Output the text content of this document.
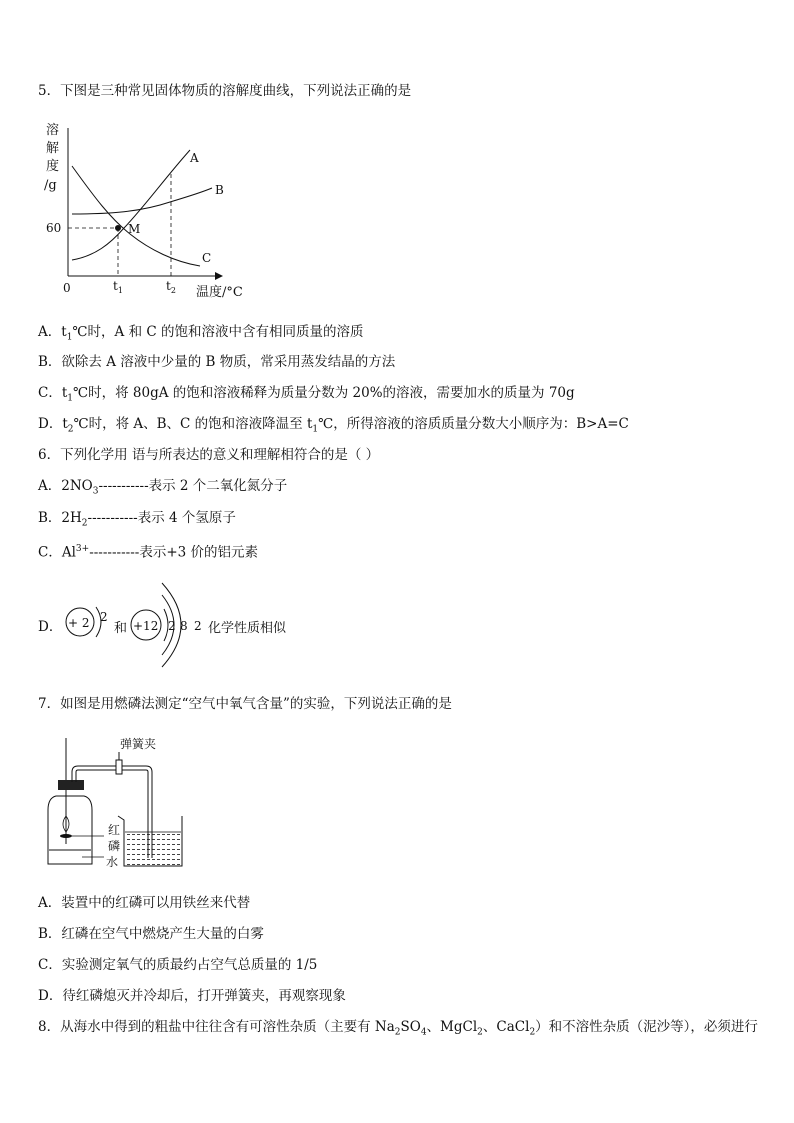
5．下图是三种常见固体物质的溶解度曲线，下列说法正确的是
溶
解
度
/g
60
0	$t_1$	$t_2$ 温度/°C
M
A
B
C
A．$t_1℃$时，A 和 C 的饱和溶液中含有相同质量的溶质
B．欲除去 A 溶液中少量的 B 物质，常采用蒸发结晶的方法
C．$t_1℃$时，将 80gA 的饱和溶液稀释为质量分数为 20%的溶液，需要加水的质量为 70g
D．$t_2℃$时，将 A、B、C 的饱和溶液降温至 $t_1℃$，所得溶液的溶质质量分数大小顺序为：B>A=C
6．下列化学用 语与所表达的意义和理解相符合的是（ ）
A．$2NO_3-----------$表示 2 个二氧化氮分子
B．$2H_2-----------$表示 4 个氢原子
C．$Al^{3+}-----------$表示+3 价的铝元素
D． + 2 2
和 +12 2 8 2 化学性质相似
7．如图是用燃磷法测定“空气中氧气含量”的实验，下列说法正确的是
弹簧夹
红
磷
水
A．装置中的红磷可以用铁丝来代替
B．红磷在空气中燃烧产生大量的白雾
C．实验测定氧气的质最约占空气总质量的 1/5
D．待红磷熄灭并冷却后，打开弹簧夹，再观察现象
8．从海水中得到的粗盐中往往含有可溶性杂质（主要有 $Na_2SO_4$、MgCl$_2$、CaCl$_2$）和不溶性杂质（泥沙等），必须进行
